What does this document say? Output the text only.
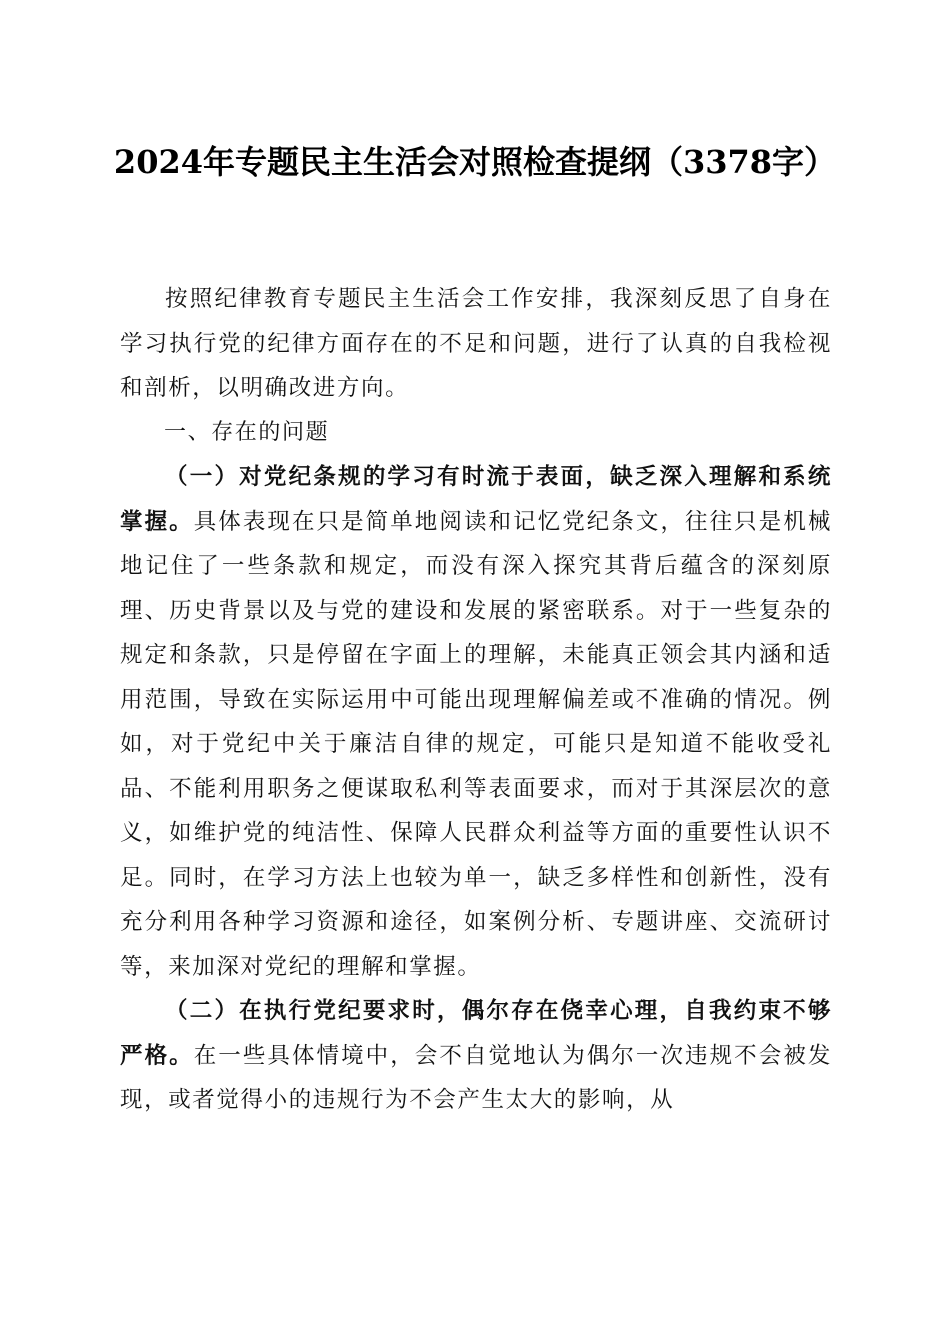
2024年专题民主生活会对照检查提纲（3378字）

按照纪律教育专题民主生活会工作安排，我深刻反思了自身在学习执行党的纪律方面存在的不足和问题，进行了认真的自我检视和剖析，以明确改进方向。

一、存在的问题

（一）对党纪条规的学习有时流于表面，缺乏深入理解和系统掌握。具体表现在只是简单地阅读和记忆党纪条文，往往只是机械地记住了一些条款和规定，而没有深入探究其背后蕴含的深刻原理、历史背景以及与党的建设和发展的紧密联系。对于一些复杂的规定和条款，只是停留在字面上的理解，未能真正领会其内涵和适用范围，导致在实际运用中可能出现理解偏差或不准确的情况。例如，对于党纪中关于廉洁自律的规定，可能只是知道不能收受礼品、不能利用职务之便谋取私利等表面要求，而对于其深层次的意义，如维护党的纯洁性、保障人民群众利益等方面的重要性认识不足。同时，在学习方法上也较为单一，缺乏多样性和创新性，没有充分利用各种学习资源和途径，如案例分析、专题讲座、交流研讨等，来加深对党纪的理解和掌握。

（二）在执行党纪要求时，偶尔存在侥幸心理，自我约束不够严格。在一些具体情境中，会不自觉地认为偶尔一次违规不会被发现，或者觉得小的违规行为不会产生太大的影响，从
